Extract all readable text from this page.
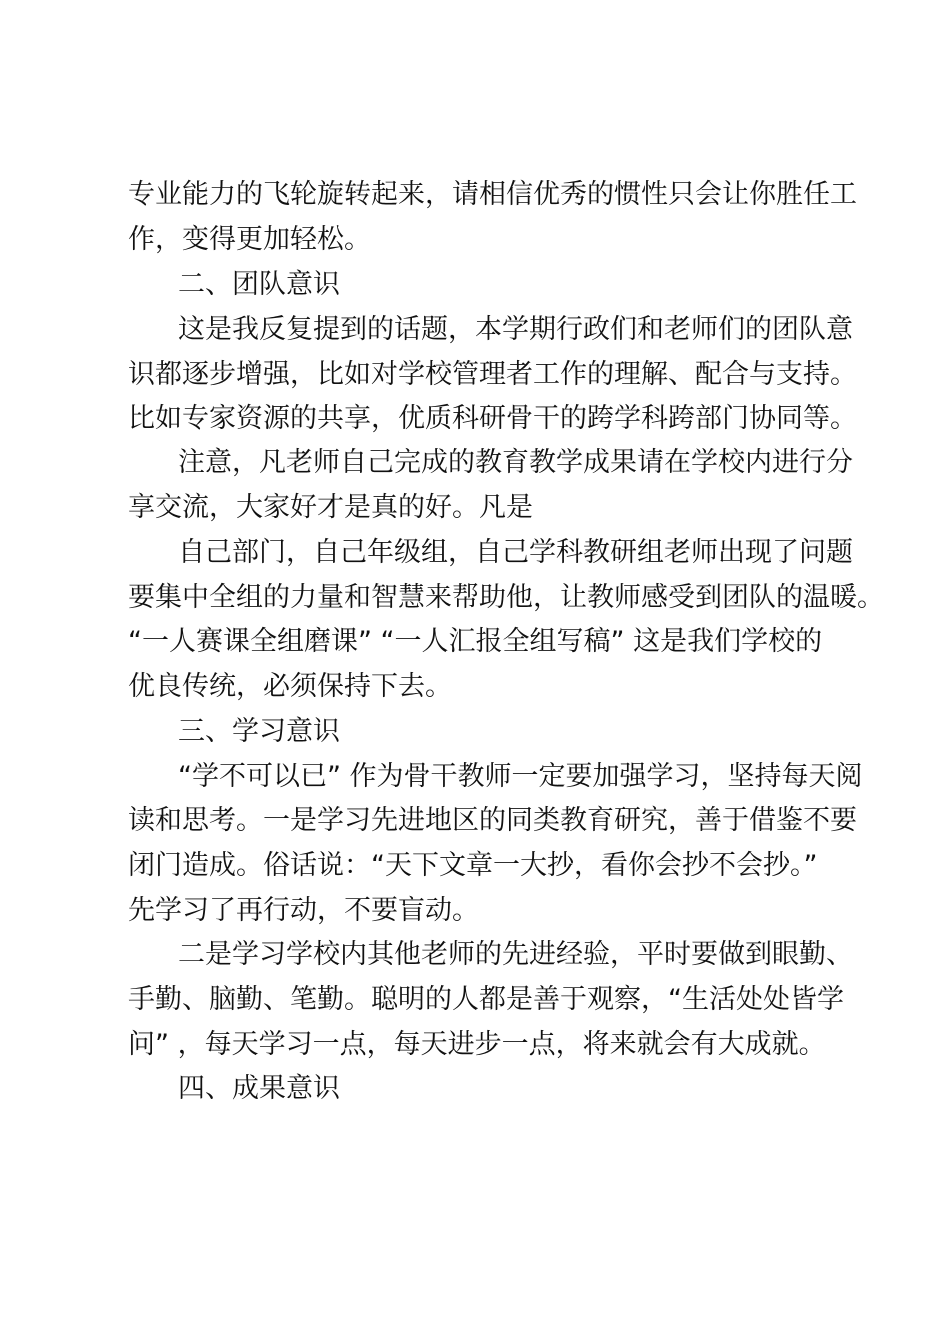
专业能力的飞轮旋转起来，请相信优秀的惯性只会让你胜任工
作，变得更加轻松。
二、团队意识
这是我反复提到的话题，本学期行政们和老师们的团队意
识都逐步增强，比如对学校管理者工作的理解、配合与支持。
比如专家资源的共享，优质科研骨干的跨学科跨部门协同等。
注意，凡老师自己完成的教育教学成果请在学校内进行分
享交流，大家好才是真的好。凡是
自己部门，自己年级组，自己学科教研组老师出现了问题
要集中全组的力量和智慧来帮助他，让教师感受到团队的温暖。
“一人赛课全组磨课” “一人汇报全组写稿” 这是我们学校的
优良传统，必须保持下去。
三、学习意识
“学不可以已” 作为骨干教师一定要加强学习，坚持每天阅
读和思考。一是学习先进地区的同类教育研究，善于借鉴不要
闭门造成。俗话说：“天下文章一大抄，看你会抄不会抄。”
先学习了再行动，不要盲动。
二是学习学校内其他老师的先进经验，平时要做到眼勤、
手勤、脑勤、笔勤。聪明的人都是善于观察，“生活处处皆学
问” ，每天学习一点，每天进步一点，将来就会有大成就。
四、成果意识
